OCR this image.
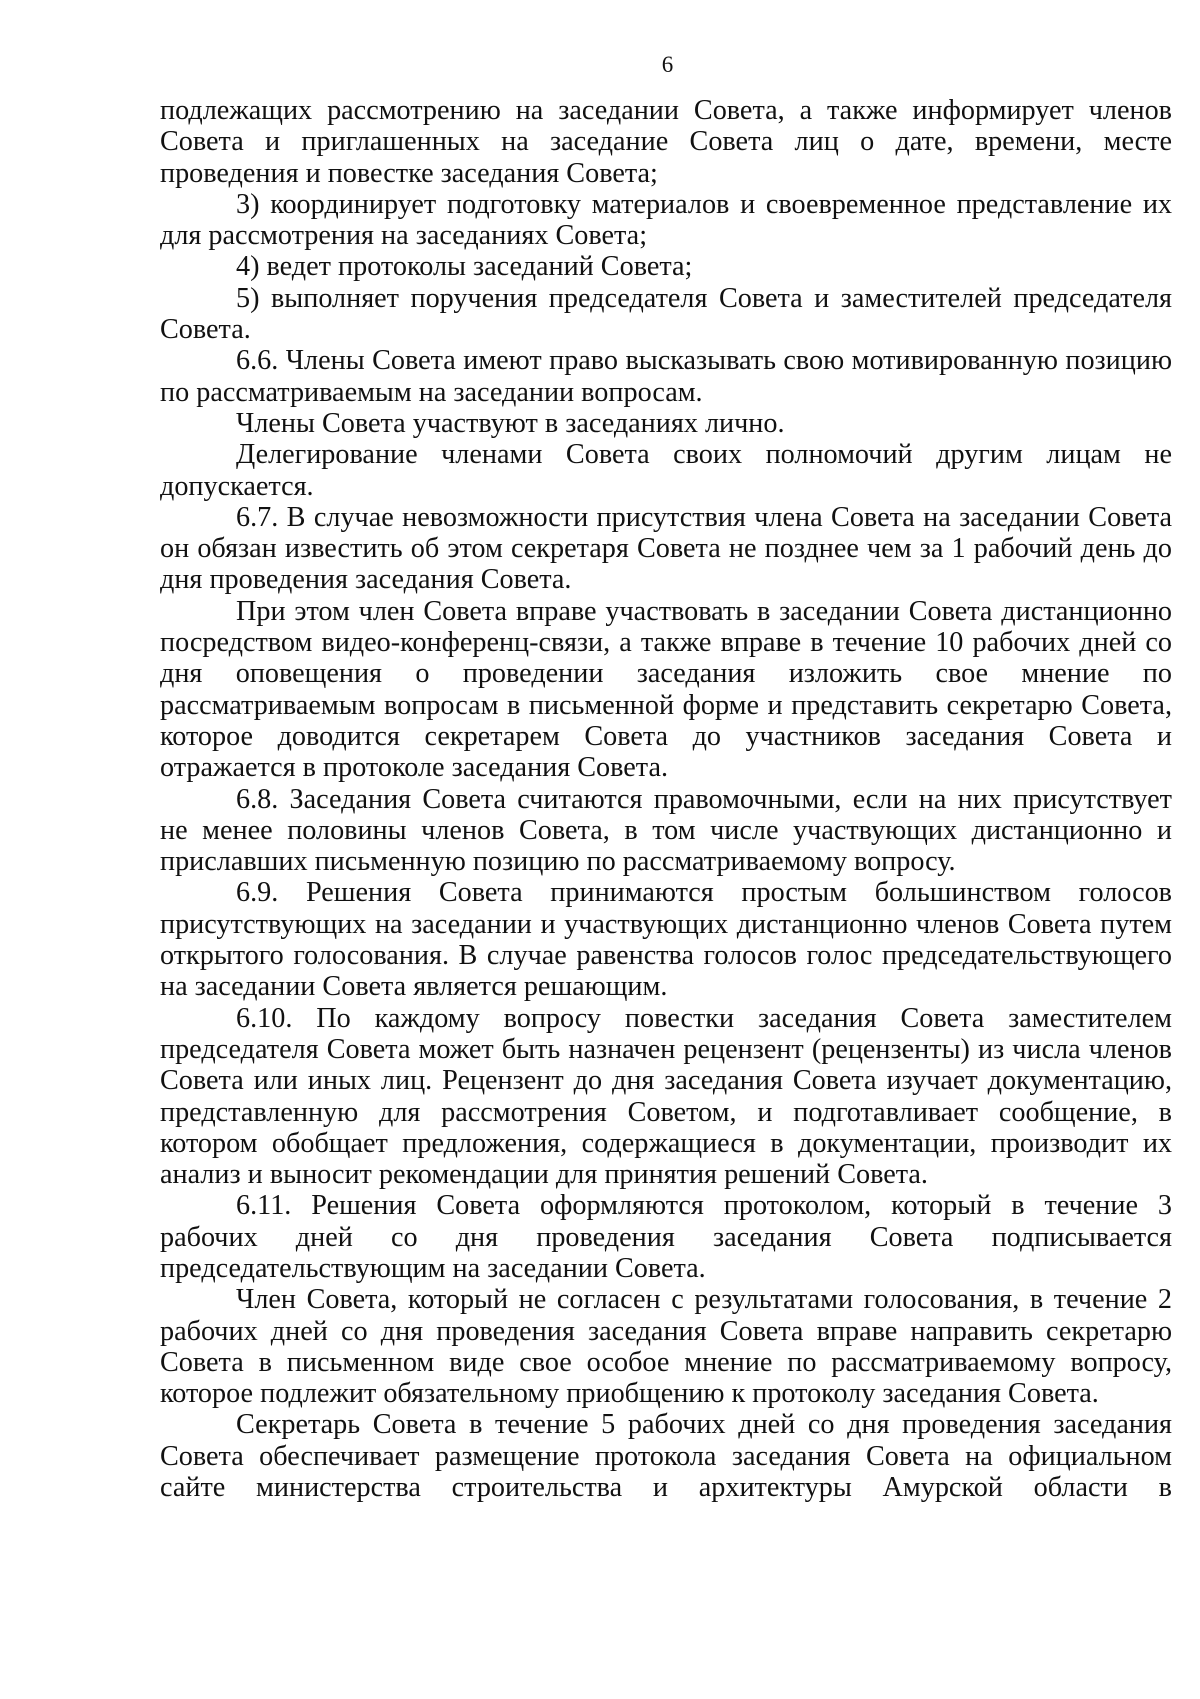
6

подлежащих рассмотрению на заседании Совета, а также информирует членов Совета и приглашенных на заседание Совета лиц о дате, времени, месте проведения и повестке заседания Совета;

3) координирует подготовку материалов и своевременное представление их для рассмотрения на заседаниях Совета;

4) ведет протоколы заседаний Совета;

5) выполняет поручения председателя Совета и заместителей председателя Совета.

6.6. Члены Совета имеют право высказывать свою мотивированную позицию по рассматриваемым на заседании вопросам.

Члены Совета участвуют в заседаниях лично.

Делегирование членами Совета своих полномочий другим лицам не допускается.

6.7. В случае невозможности присутствия члена Совета на заседании Совета он обязан известить об этом секретаря Совета не позднее чем за 1 рабочий день до дня проведения заседания Совета.

При этом член Совета вправе участвовать в заседании Совета дистанционно посредством видео-конференц-связи, а также вправе в течение 10 рабочих дней со дня оповещения о проведении заседания изложить свое мнение по рассматриваемым вопросам в письменной форме и представить секретарю Совета, которое доводится секретарем Совета до участников заседания Совета и отражается в протоколе заседания Совета.

6.8. Заседания Совета считаются правомочными, если на них присутствует не менее половины членов Совета, в том числе участвующих дистанционно и приславших письменную позицию по рассматриваемому вопросу.

6.9. Решения Совета принимаются простым большинством голосов присутствующих на заседании и участвующих дистанционно членов Совета путем открытого голосования. В случае равенства голосов голос председательствующего на заседании Совета является решающим.

6.10. По каждому вопросу повестки заседания Совета заместителем председателя Совета может быть назначен рецензент (рецензенты) из числа членов Совета или иных лиц. Рецензент до дня заседания Совета изучает документацию, представленную для рассмотрения Советом, и подготавливает сообщение, в котором обобщает предложения, содержащиеся в документации, производит их анализ и выносит рекомендации для принятия решений Совета.

6.11. Решения Совета оформляются протоколом, который в течение 3 рабочих дней со дня проведения заседания Совета подписывается председательствующим на заседании Совета.

Член Совета, который не согласен с результатами голосования, в течение 2 рабочих дней со дня проведения заседания Совета вправе направить секретарю Совета в письменном виде свое особое мнение по рассматриваемому вопросу, которое подлежит обязательному приобщению к протоколу заседания Совета.

Секретарь Совета в течение 5 рабочих дней со дня проведения заседания Совета обеспечивает размещение протокола заседания Совета на официальном сайте министерства строительства и архитектуры Амурской области в
